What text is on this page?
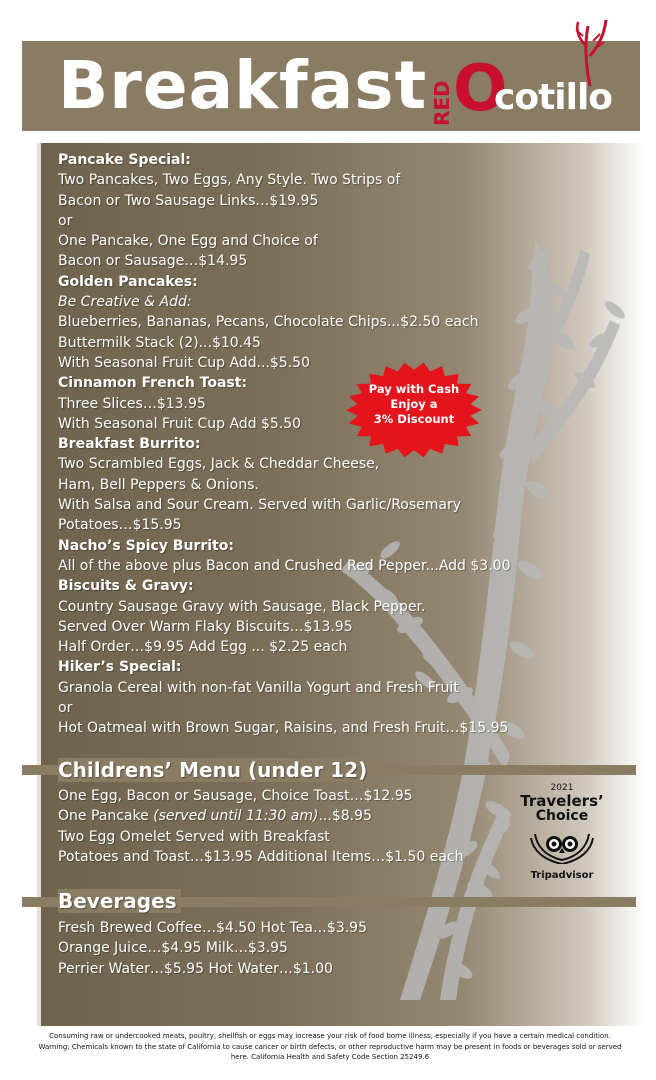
Breakfast RED O
cotillo
Pancake Special:
Two Pancakes, Two Eggs, Any Style. Two Strips of
Bacon or Two Sausage Links…$19.95
or
One Pancake, One Egg and Choice of
Bacon or Sausage…$14.95
Golden Pancakes:
Be Creative & Add:
Blueberries, Bananas, Pecans, Chocolate Chips...$2.50 each
Buttermilk Stack (2)...$10.45
With Seasonal Fruit Cup Add...$5.50
Cinnamon French Toast:
Three Slices…$13.95
With Seasonal Fruit Cup Add $5.50
Breakfast Burrito:
Two Scrambled Eggs, Jack & Cheddar Cheese,
Ham, Bell Peppers & Onions.
With Salsa and Sour Cream. Served with Garlic/Rosemary
Potatoes…$15.95
Nacho’s Spicy Burrito:
All of the above plus Bacon and Crushed Red Pepper...Add $3.00
Biscuits & Gravy:
Country Sausage Gravy with Sausage, Black Pepper.
Served Over Warm Flaky Biscuits…$13.95
Half Order…$9.95 Add Egg ... $2.25 each
Hiker’s Special:
Granola Cereal with non-fat Vanilla Yogurt and Fresh Fruit
or
Hot Oatmeal with Brown Sugar, Raisins, and Fresh Fruit…$15.95
Pay with Cash
Enjoy a
3% Discount
Childrens’ Menu (under 12)
One Egg, Bacon or Sausage, Choice Toast…$12.95
One Pancake (served until 11:30 am)...$8.95
Two Egg Omelet Served with Breakfast
Potatoes and Toast…$13.95 Additional Items…$1.50 each
2021
Travelers’
Choice
Tripadvisor
Beverages
Fresh Brewed Coffee…$4.50 Hot Tea…$3.95
Orange Juice…$4.95 Milk…$3.95
Perrier Water…$5.95 Hot Water…$1.00
Consuming raw or undercooked meats, poultry, shellfish or eggs may increase your risk of food borne illness, especially if you have a certain medical condition.
Warning: Chemicals known to the state of California to cause cancer or birth defects, or other reproductive harm may be present in foods or beverages sold or served
here. California Health and Safety Code Section 25249.6
